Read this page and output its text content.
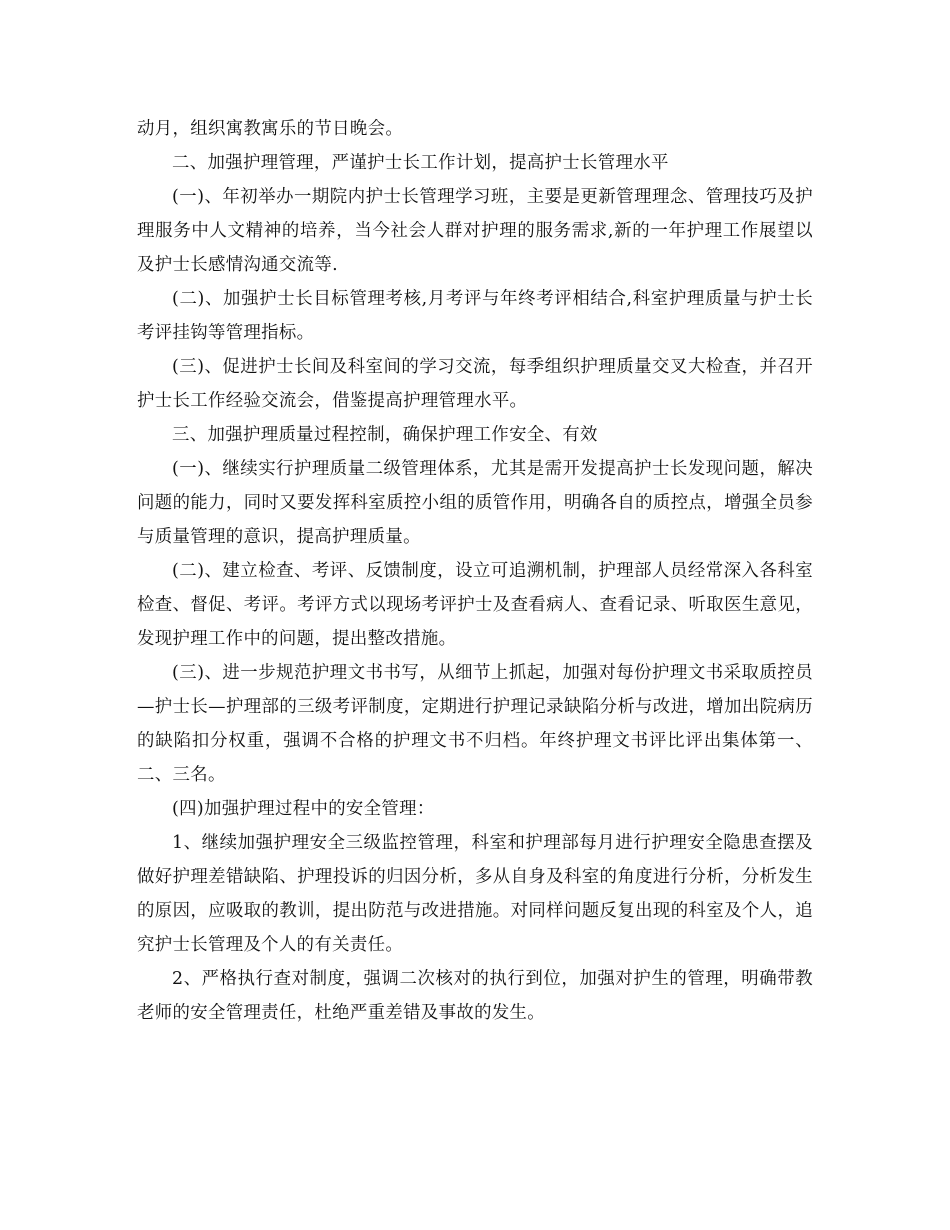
动月，组织寓教寓乐的节日晚会。

二、加强护理管理，严谨护士长工作计划，提高护士长管理水平

(一)、年初举办一期院内护士长管理学习班，主要是更新管理理念、管理技巧及护理服务中人文精神的培养，当今社会人群对护理的服务需求,新的一年护理工作展望以及护士长感情沟通交流等.

(二)、加强护士长目标管理考核,月考评与年终考评相结合,科室护理质量与护士长考评挂钩等管理指标。

(三)、促进护士长间及科室间的学习交流，每季组织护理质量交叉大检查，并召开护士长工作经验交流会，借鉴提高护理管理水平。

三、加强护理质量过程控制，确保护理工作安全、有效

(一)、继续实行护理质量二级管理体系，尤其是需开发提高护士长发现问题，解决问题的能力，同时又要发挥科室质控小组的质管作用，明确各自的质控点，增强全员参与质量管理的意识，提高护理质量。

(二)、建立检查、考评、反馈制度，设立可追溯机制，护理部人员经常深入各科室检查、督促、考评。考评方式以现场考评护士及查看病人、查看记录、听取医生意见，发现护理工作中的问题，提出整改措施。

(三)、进一步规范护理文书书写，从细节上抓起，加强对每份护理文书采取质控员—护士长—护理部的三级考评制度，定期进行护理记录缺陷分析与改进，增加出院病历的缺陷扣分权重，强调不合格的护理文书不归档。年终护理文书评比评出集体第一、二、三名。

(四)加强护理过程中的安全管理：

1、继续加强护理安全三级监控管理，科室和护理部每月进行护理安全隐患查摆及做好护理差错缺陷、护理投诉的归因分析，多从自身及科室的角度进行分析，分析发生的原因，应吸取的教训，提出防范与改进措施。对同样问题反复出现的科室及个人，追究护士长管理及个人的有关责任。

2、严格执行查对制度，强调二次核对的执行到位，加强对护生的管理，明确带教老师的安全管理责任，杜绝严重差错及事故的发生。
